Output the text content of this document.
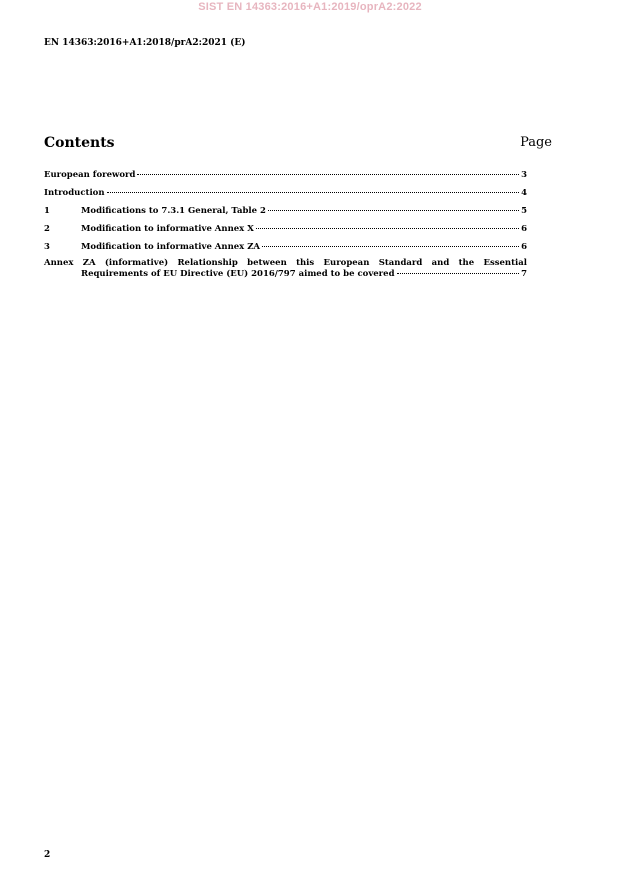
SIST EN 14363:2016+A1:2019/oprA2:2022
EN 14363:2016+A1:2018/prA2:2021 (E)
Contents	Page
European foreword	3
Introduction	4
1	Modifications to 7.3.1 General, Table 2	5
2	Modification to informative Annex X	6
3	Modification to informative Annex ZA	6
Annex ZA (informative) Relationship between this European Standard and the Essential
Requirements of EU Directive (EU) 2016/797 aimed to be covered	7
2
